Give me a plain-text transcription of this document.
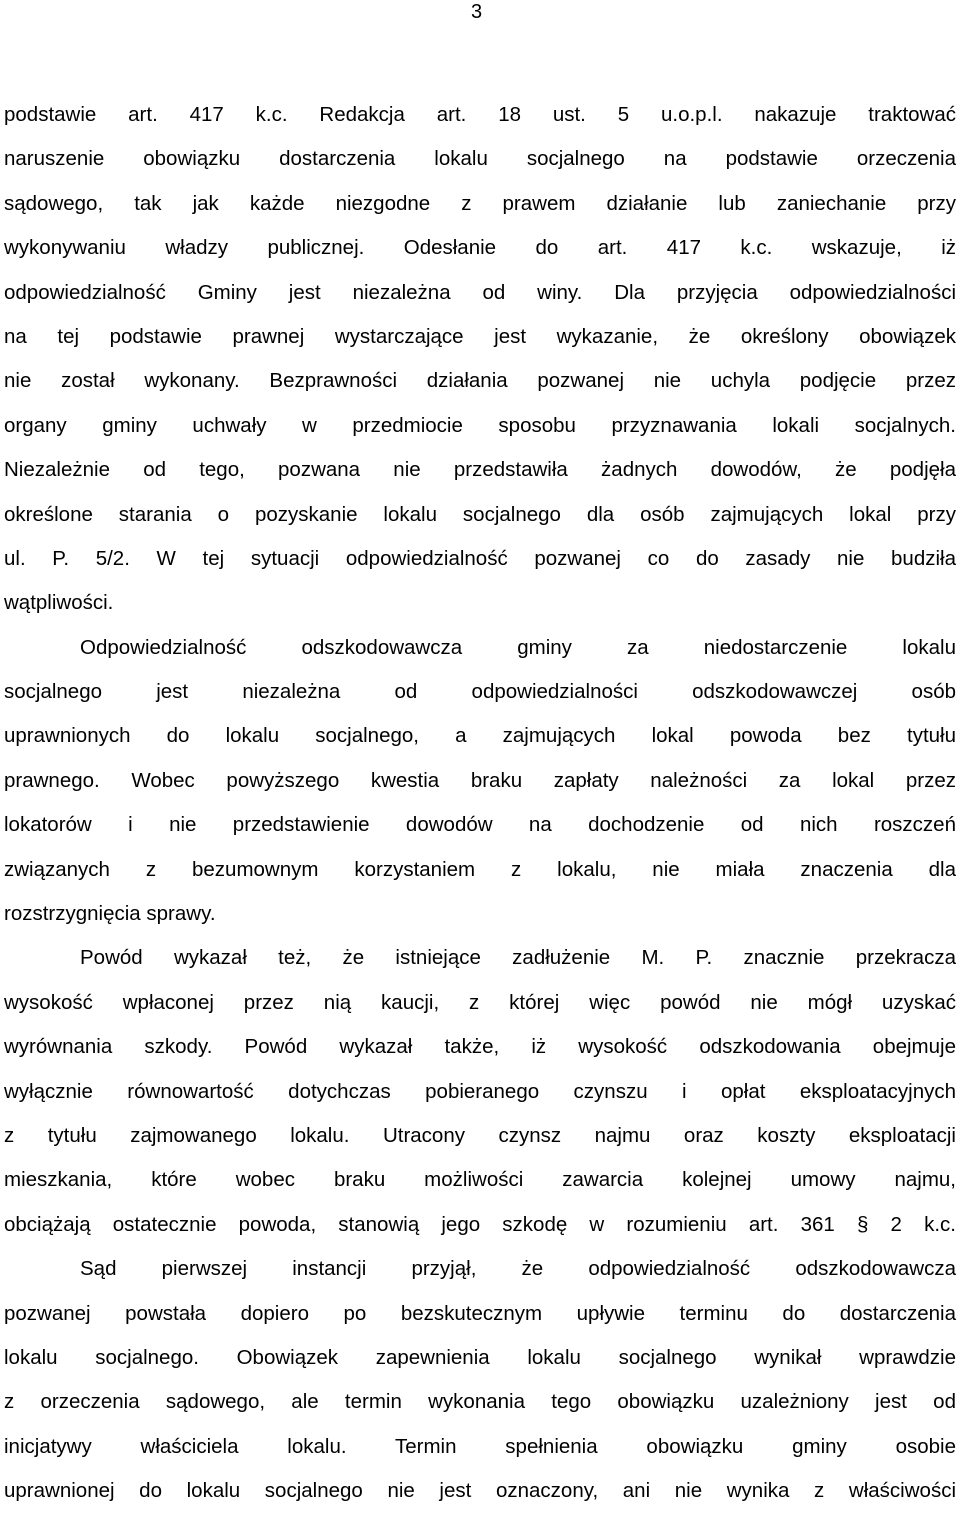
3
podstawie art. 417 k.c. Redakcja art. 18 ust. 5 u.o.p.l. nakazuje traktować
naruszenie obowiązku dostarczenia lokalu socjalnego na podstawie orzeczenia
sądowego, tak jak każde niezgodne z prawem działanie lub zaniechanie przy
wykonywaniu władzy publicznej. Odesłanie do art. 417 k.c. wskazuje, iż
odpowiedzialność Gminy jest niezależna od winy. Dla przyjęcia odpowiedzialności
na tej podstawie prawnej wystarczające jest wykazanie, że określony obowiązek
nie został wykonany. Bezprawności działania pozwanej nie uchyla podjęcie przez
organy gminy uchwały w przedmiocie sposobu przyznawania lokali socjalnych.
Niezależnie od tego, pozwana nie przedstawiła żadnych dowodów, że podjęła
określone starania o pozyskanie lokalu socjalnego dla osób zajmujących lokal przy
ul. P. 5/2. W tej sytuacji odpowiedzialność pozwanej co do zasady nie budziła
wątpliwości.
Odpowiedzialność odszkodowawcza gminy za niedostarczenie lokalu
socjalnego jest niezależna od odpowiedzialności odszkodowawczej osób
uprawnionych do lokalu socjalnego, a zajmujących lokal powoda bez tytułu
prawnego. Wobec powyższego kwestia braku zapłaty należności za lokal przez
lokatorów i nie przedstawienie dowodów na dochodzenie od nich roszczeń
związanych z bezumownym korzystaniem z lokalu, nie miała znaczenia dla
rozstrzygnięcia sprawy.
Powód wykazał też, że istniejące zadłużenie M. P. znacznie przekracza
wysokość wpłaconej przez nią kaucji, z której więc powód nie mógł uzyskać
wyrównania szkody. Powód wykazał także, iż wysokość odszkodowania obejmuje
wyłącznie równowartość dotychczas pobieranego czynszu i opłat eksploatacyjnych
z tytułu zajmowanego lokalu. Utracony czynsz najmu oraz koszty eksploatacji
mieszkania, które wobec braku możliwości zawarcia kolejnej umowy najmu,
obciążają ostatecznie powoda, stanowią jego szkodę w rozumieniu art. 361 § 2 k.c.
Sąd pierwszej instancji przyjął, że odpowiedzialność odszkodowawcza
pozwanej powstała dopiero po bezskutecznym upływie terminu do dostarczenia
lokalu socjalnego. Obowiązek zapewnienia lokalu socjalnego wynikał wprawdzie
z orzeczenia sądowego, ale termin wykonania tego obowiązku uzależniony jest od
inicjatywy właściciela lokalu. Termin spełnienia obowiązku gminy osobie
uprawnionej do lokalu socjalnego nie jest oznaczony, ani nie wynika z właściwości
